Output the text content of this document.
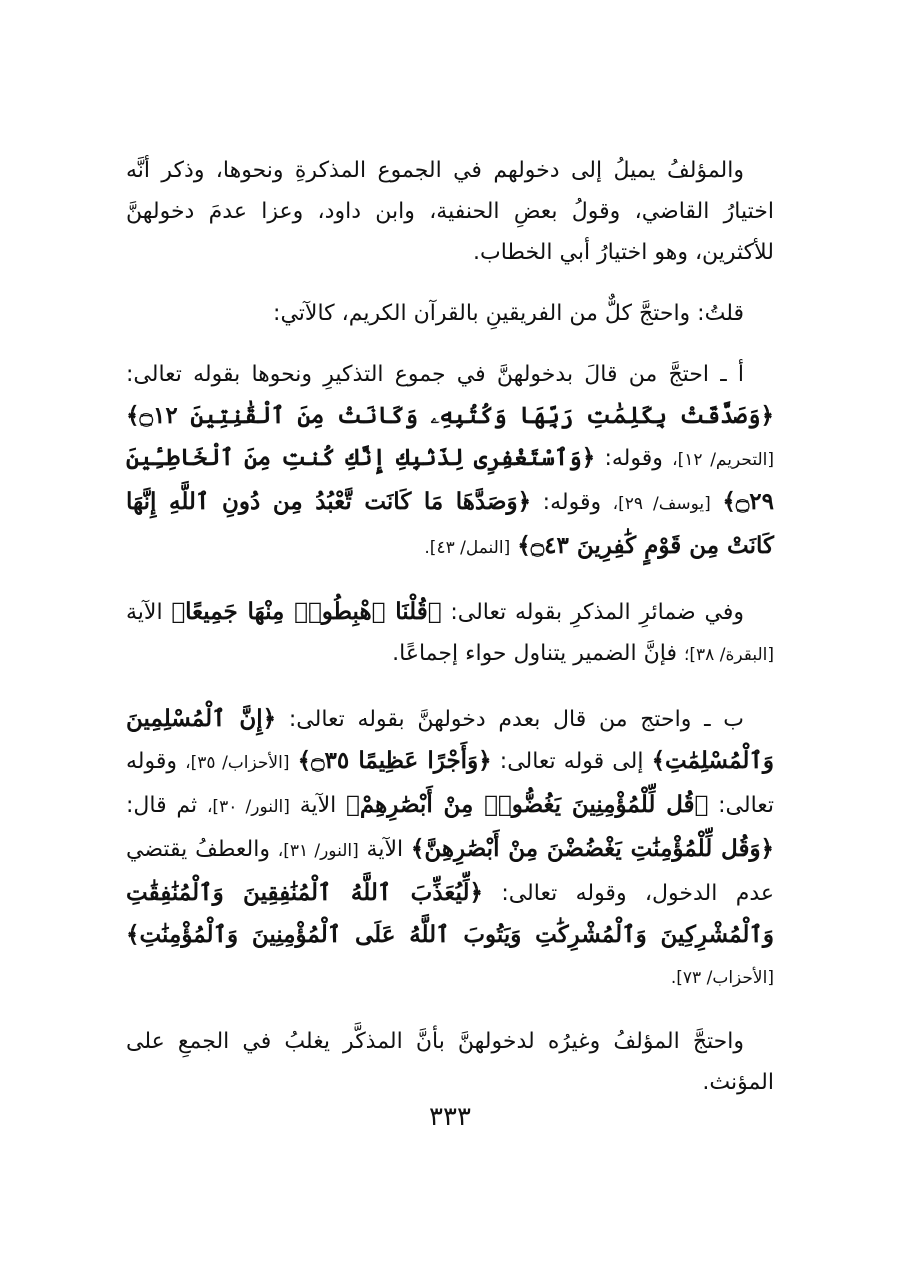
والمؤلفُ يميلُ إلى دخولهم في الجموع المذكرةِ ونحوها، وذكر أنَّه اختيارُ القاضي، وقولُ بعضِ الحنفية، وابن داود، وعزا عدمَ دخولهنَّ للأكثرين، وهو اختيارُ أبي الخطاب.

قلتُ: واحتجَّ كلٌّ من الفريقينِ بالقرآن الكريم، كالآتي:

أ ـ احتجَّ من قالَ بدخولهنَّ في جموع التذكيرِ ونحوها بقوله تعالى: ﴿وَصَدَّقَتْ بِكَلِمَٰتِ رَبِّهَا وَكُتُبِهِۦ وَكَانَتْ مِنَ ٱلْقَٰنِتِينَ ۝١٢﴾ [التحريم/ ١٢]، وقوله: ﴿وَٱسْتَغْفِرِى لِذَنۢبِكِ إِنَّكِ كُنتِ مِنَ ٱلْخَاطِـِٔينَ ۝٢٩﴾ [يوسف/ ٢٩]، وقوله: ﴿وَصَدَّهَا مَا كَانَت تَّعْبُدُ مِن دُونِ ٱللَّهِ إِنَّهَا كَانَتْ مِن قَوْمٍ كَٰفِرِينَ ۝٤٣﴾ [النمل/ ٤٣].

وفي ضمائرِ المذكرِ بقوله تعالى: ﴿قُلْنَا ٱهْبِطُوا۟ مِنْهَا جَمِيعًا﴾ الآية [البقرة/ ٣٨]؛ فإنَّ الضمير يتناول حواء إجماعًا.

ب ـ واحتج من قال بعدم دخولهنَّ بقوله تعالى: ﴿إِنَّ ٱلْمُسْلِمِينَ وَٱلْمُسْلِمَٰتِ﴾ إلى قوله تعالى: ﴿وَأَجْرًا عَظِيمًا ۝٣٥﴾ [الأحزاب/ ٣٥]، وقوله تعالى: ﴿قُل لِّلْمُؤْمِنِينَ يَغُضُّوا۟ مِنْ أَبْصَٰرِهِمْ﴾ الآية [النور/ ٣٠]، ثم قال: ﴿وَقُل لِّلْمُؤْمِنَٰتِ يَغْضُضْنَ مِنْ أَبْصَٰرِهِنَّ﴾ الآية [النور/ ٣١]، والعطفُ يقتضي عدم الدخول، وقوله تعالى: ﴿لِّيُعَذِّبَ ٱللَّهُ ٱلْمُنَٰفِقِينَ وَٱلْمُنَٰفِقَٰتِ وَٱلْمُشْرِكِينَ وَٱلْمُشْرِكَٰتِ وَيَتُوبَ ٱللَّهُ عَلَى ٱلْمُؤْمِنِينَ وَٱلْمُؤْمِنَٰتِ﴾ [الأحزاب/ ٧٣].

واحتجَّ المؤلفُ وغيرُه لدخولهنَّ بأنَّ المذكَّر يغلبُ في الجمعِ على المؤنث.

٣٣٣
